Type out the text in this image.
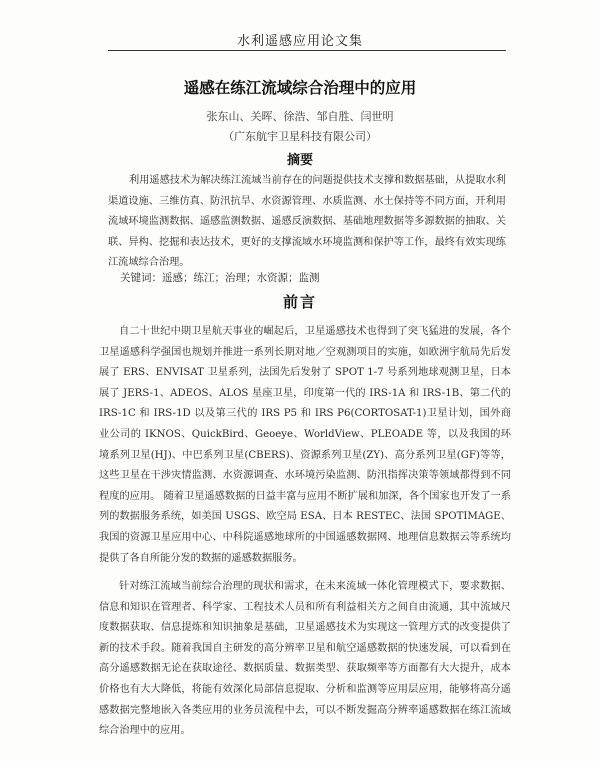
水利遥感应用论文集
遥感在练江流域综合治理中的应用
张东山、关晖、徐浩、邹自胜、闫世明
（广东航宇卫星科技有限公司）
摘要

利用遥感技术为解决练江流域当前存在的问题提供技术支撑和数据基础，从提取水利渠道设施、三维仿真、防汛抗旱、水资源管理、水质监测、水土保持等不同方面，开利用流域环境监测数据、遥感监测数据、遥感反演数据、基础地理数据等多源数据的抽取、关联、异构、挖掘和表达技术，更好的支撑流域水环境监测和保护等工作，最终有效实现练江流域综合治理。

关键词：遥感；练江；治理；水资源；监测
前言

自二十世纪中期卫星航天事业的崛起后，卫星遥感技术也得到了突飞猛进的发展，各个卫星遥感科学强国也规划并推进一系列长期对地／空观测项目的实施，如欧洲宇航局先后发展了 ERS、ENVISAT 卫星系列，法国先后发射了 SPOT 1-7 号系列地球观测卫星，日本 展了 JERS-1、ADEOS、ALOS 星座卫星，印度第一代的 IRS-1A 和 IRS-1B、第二代的 IRS-1C 和 IRS-1D 以及第三代的 IRS P5 和 IRS P6(CORTOSAT-1)卫星计划，国外商业公司的 IKNOS、QuickBird、Geoeye、WorldView、PLEOADE 等，以及我国的环境系列卫星(HJ)、中巴系列卫星(CBERS)、资源系列卫星(ZY)、高分系列卫星(GF)等等，这些卫星在干涉灾情监测、水资源调查、水环境污染监测、防汛指挥决策等领域都得到不同程度的应用。 随着卫星遥感数据的日益丰富与应用不断扩展和加深，各个国家也开发了一系列的数据服务系统，如美国 USGS、欧空局 ESA、日本 RESTEC、法国 SPOTIMAGE、我国的资源卫星应用中心、中科院遥感地球所的中国遥感数据网、地理信息数据云等系统均提供了各自所能分发的数据的遥感数据服务。

针对练江流域当前综合治理的现状和需求，在未来流域一体化管理模式下，要求数据、信息和知识在管理者、科学家、工程技术人员和所有利益相关方之间自由流通，其中流域尺度数据获取、信息提炼和知识抽象是基础，卫星遥感技术为实现这一管理方式的改变提供了新的技术手段。随着我国自主研发的高分辨率卫星和航空遥感数据的快速发展，可以看到在高分遥感数据无论在获取途径、数据质量、数据类型、获取频率等方面都有大大提升，成本价格也有大大降低，将能有效深化局部信息提取、分析和监测等应用层应用，能够将高分遥感数据完整地嵌入各类应用的业务员流程中去，可以不断发掘高分辨率遥感数据在练江流域综合治理中的应用。
